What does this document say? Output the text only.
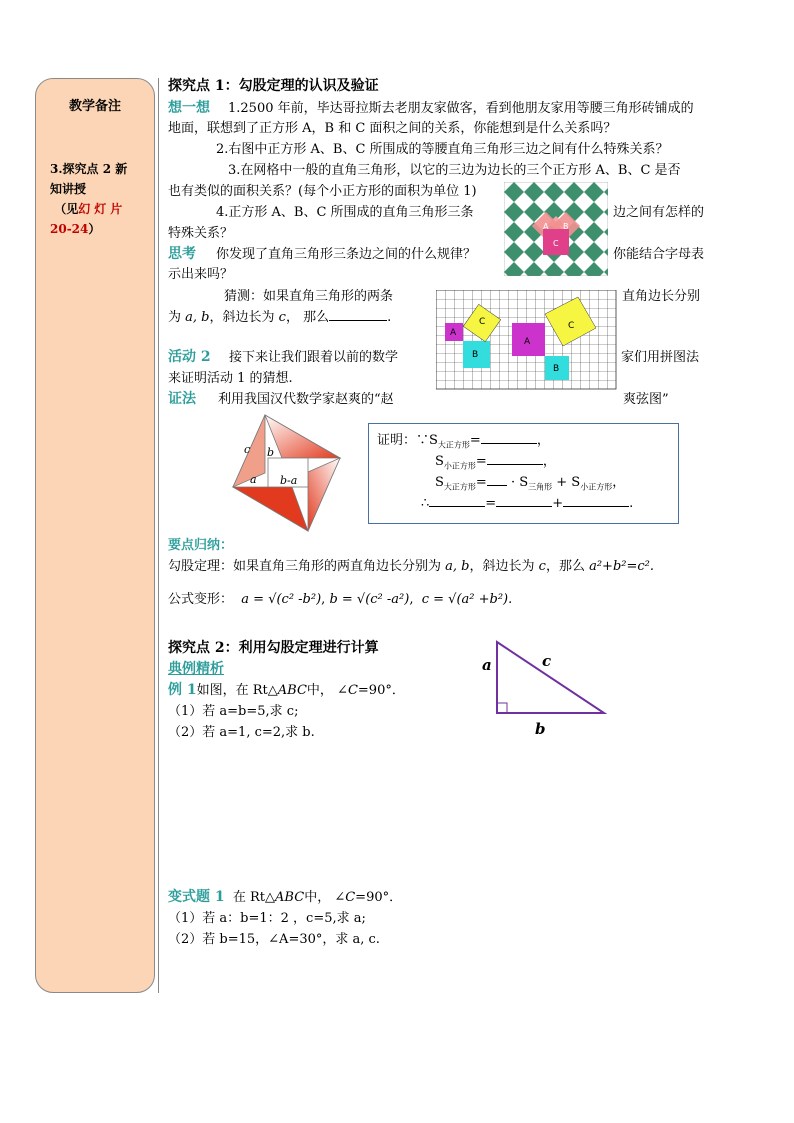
教学备注
3.探究点 2 新
知讲授
（见幻灯片
20-24）
探究点 1：勾股定理的认识及验证
想一想 1.2500 年前，毕达哥拉斯去老朋友家做客，看到他朋友家用等腰三角形砖铺成的
地面，联想到了正方形 A，B 和 C 面积之间的关系，你能想到是什么关系吗？
2.右图中正方形 A、B、C 所围成的等腰直角三角形三边之间有什么特殊关系？
3.在网格中一般的直角三角形，以它的三边为边长的三个正方形 A、B、C 是否
也有类似的面积关系？(每个小正方形的面积为单位 1)
4.正方形 A、B、C 所围成的直角三角形三条	边之间有怎样的
特殊关系？
思考 你发现了直角三角形三条边之间的什么规律？	你能结合字母表
示出来吗？
猜测：如果直角三角形的两条	直角边长分别
为 a, b，斜边长为 c， 那么	.
活动 2 接下来让我们跟着以前的数学	家们用拼图法
来证明活动 1 的猜想.
证法 利用我国汉代数学家赵爽的“赵	爽弦图”
A B
C
A
B
C
A
B
C
c b
a b-a
证明：$\because S_{大正方形}=$	，
$S_{小正方形}=$	，
$S_{大正方形}= \cdot S_{三角形} + S_{小正方形}$，
∴	=	+	.
要点归纳：
勾股定理：如果直角三角形的两直角边长分别为 a, b，斜边长为 c，那么 a²+b²=c².
公式变形： a = √(c² -b²), b = √(c² -a²),  c = √(a² +b²).
探究点 2：利用勾股定理进行计算
典例精析
例 1如图，在 Rt△ABC中， ∠C=90°．
（1）若 a=b=5,求 c;
（2）若 a=1, c=2,求 b.
a	c
b
变式题 1 在 Rt△ABC中， ∠C=90°．
（1）若 a：b=1：2 ，c=5,求 a;
（2）若 b=15，∠A=30°，求 a, c.
